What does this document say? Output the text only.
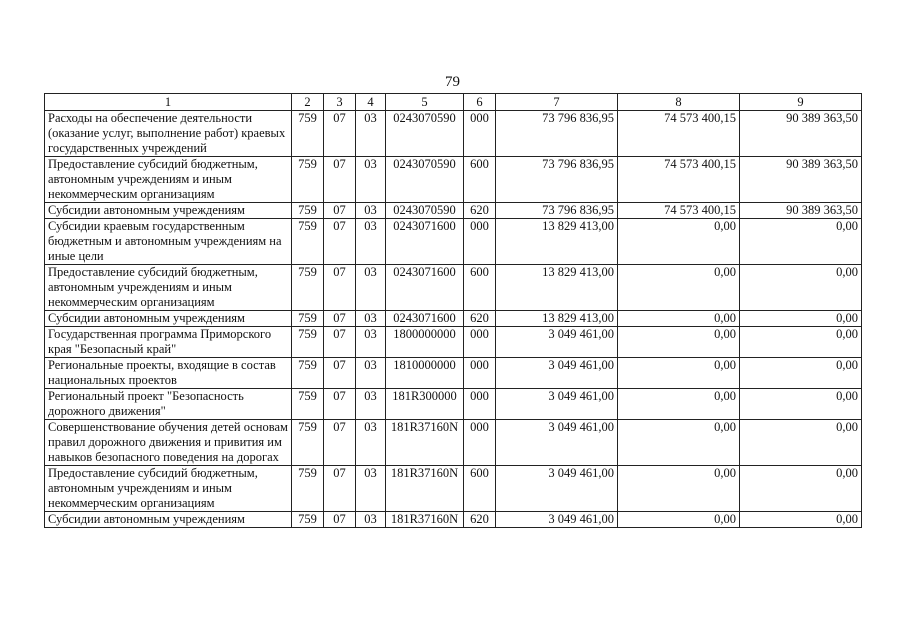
79
1	2	3	4	5	6	7	8	9
Расходы на обеспечение деятельности (оказание услуг, выполнение работ) краевых государственных учреждений	759	07	03	0243070590	000	73 796 836,95	74 573 400,15	90 389 363,50
Предоставление субсидий бюджетным, автономным учреждениям и иным некоммерческим организациям	759	07	03	0243070590	600	73 796 836,95	74 573 400,15	90 389 363,50
Субсидии автономным учреждениям	759	07	03	0243070590	620	73 796 836,95	74 573 400,15	90 389 363,50
Субсидии краевым государственным бюджетным и автономным учреждениям на иные цели	759	07	03	0243071600	000	13 829 413,00	0,00	0,00
Предоставление субсидий бюджетным, автономным учреждениям и иным некоммерческим организациям	759	07	03	0243071600	600	13 829 413,00	0,00	0,00
Субсидии автономным учреждениям	759	07	03	0243071600	620	13 829 413,00	0,00	0,00
Государственная программа Приморского края "Безопасный край"	759	07	03	1800000000	000	3 049 461,00	0,00	0,00
Региональные проекты, входящие в состав национальных проектов	759	07	03	1810000000	000	3 049 461,00	0,00	0,00
Региональный проект "Безопасность дорожного движения"	759	07	03	181R300000	000	3 049 461,00	0,00	0,00
Совершенствование обучения детей основам правил дорожного движения и привития им навыков безопасного поведения на дорогах	759	07	03	181R37160N	000	3 049 461,00	0,00	0,00
Предоставление субсидий бюджетным, автономным учреждениям и иным некоммерческим организациям	759	07	03	181R37160N	600	3 049 461,00	0,00	0,00
Субсидии автономным учреждениям	759	07	03	181R37160N	620	3 049 461,00	0,00	0,00
